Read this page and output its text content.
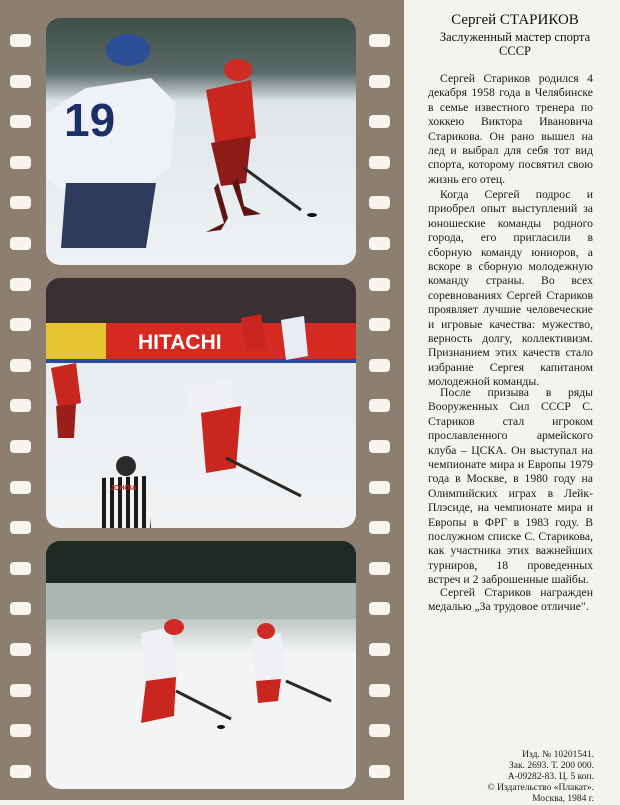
19
HITACHI
JOHOIA
Сергей СТАРИКОВ
Заслуженный мастер спорта
СССР

Сергей Стариков родился 4 декабря 1958 года в Челябинске в семье известного тренера по хоккею Виктора Ивановича Старикова. Он рано вышел на лед и выбрал для себя тот вид спорта, которому посвятил свою жизнь его отец.

Когда Сергей подрос и приобрел опыт выступлений за юношеские команды родного города, его пригласили в сборную команду юниоров, а вскоре в сборную молодежную команду страны. Во всех соревнованиях Сергей Стариков проявляет лучшие человеческие и игровые качества: мужество, верность долгу, коллективизм. Признанием этих качеств стало избрание Сергея капитаном молодежной команды.

После призыва в ряды Вооруженных Сил СССР С. Стариков стал игроком прославленного армейского клуба – ЦСКА. Он выступал на чемпионате мира и Европы 1979 года в Москве, в 1980 году на Олимпийских играх в Лейк-Плэсиде, на чемпионате мира и Европы в ФРГ в 1983 году. В послужном списке С. Старикова, как участника этих важнейших турниров, 18 проведенных встреч и 2 заброшенные шайбы.

Сергей Стариков награжден медалью „За трудовое отличие".

Изд. № 10201541.
Зак. 2693. Т. 200 000.
А-09282-83. Ц. 5 коп.
© Издательство «Плакат».
Москва, 1984 г.
